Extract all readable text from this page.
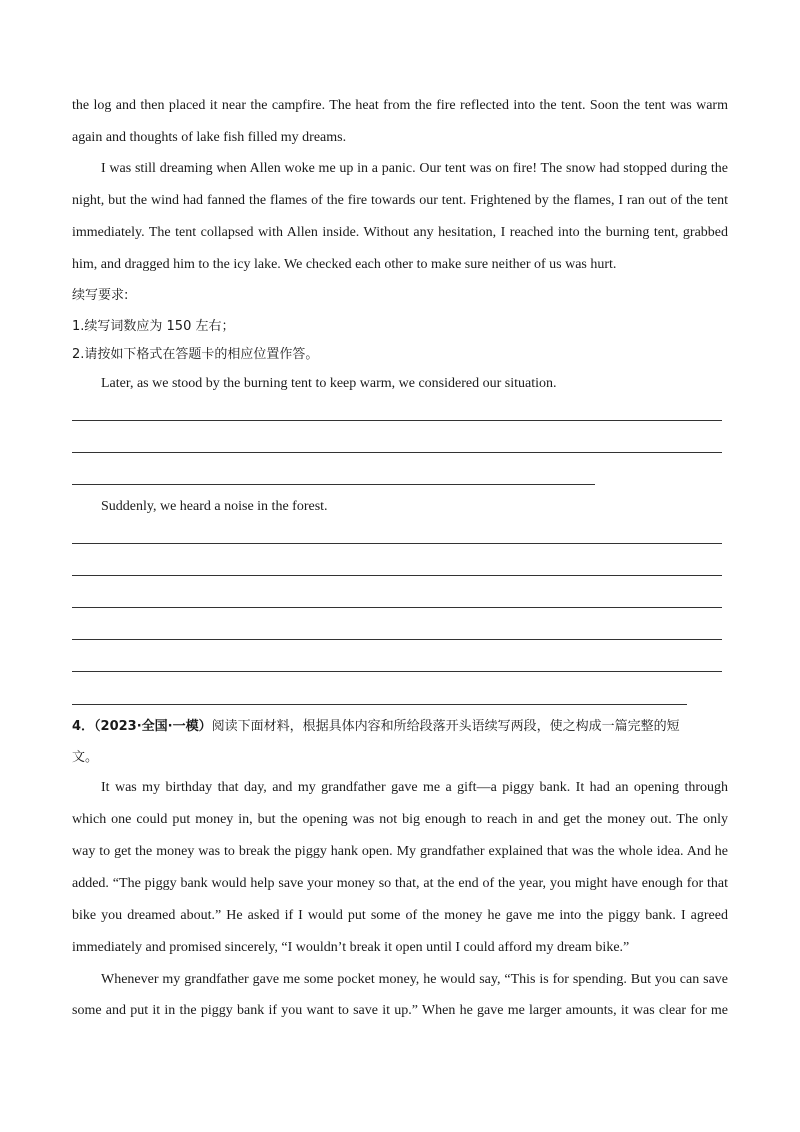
the log and then placed it near the campfire. The heat from the fire reflected into the tent. Soon the tent was warm
again and thoughts of lake fish filled my dreams.
I was still dreaming when Allen woke me up in a panic. Our tent was on fire! The snow had stopped during the
night, but the wind had fanned the flames of the fire towards our tent. Frightened by the flames, I ran out of the tent
immediately. The tent collapsed with Allen inside. Without any hesitation, I reached into the burning tent, grabbed
him, and dragged him to the icy lake. We checked each other to make sure neither of us was hurt.
续写要求:
1.续写词数应为 150 左右；
2.请按如下格式在答题卡的相应位置作答。
Later, as we stood by the burning tent to keep warm, we considered our situation.
Suddenly, we heard a noise in the forest.
4．（2023·全国·一模）阅读下面材料，根据具体内容和所给段落开头语续写两段，使之构成一篇完整的短
文。
It was my birthday that day, and my grandfather gave me a gift—a piggy bank. It had an opening through
which one could put money in, but the opening was not big enough to reach in and get the money out. The only
way to get the money was to break the piggy hank open. My grandfather explained that was the whole idea. And he
added. “The piggy bank would help save your money so that, at the end of the year, you might have enough for that
bike you dreamed about.” He asked if I would put some of the money he gave me into the piggy bank. I agreed
immediately and promised sincerely, “I wouldn’t break it open until I could afford my dream bike.”
Whenever my grandfather gave me some pocket money, he would say, “This is for spending. But you can save
some and put it in the piggy bank if you want to save it up.” When he gave me larger amounts, it was clear for me
